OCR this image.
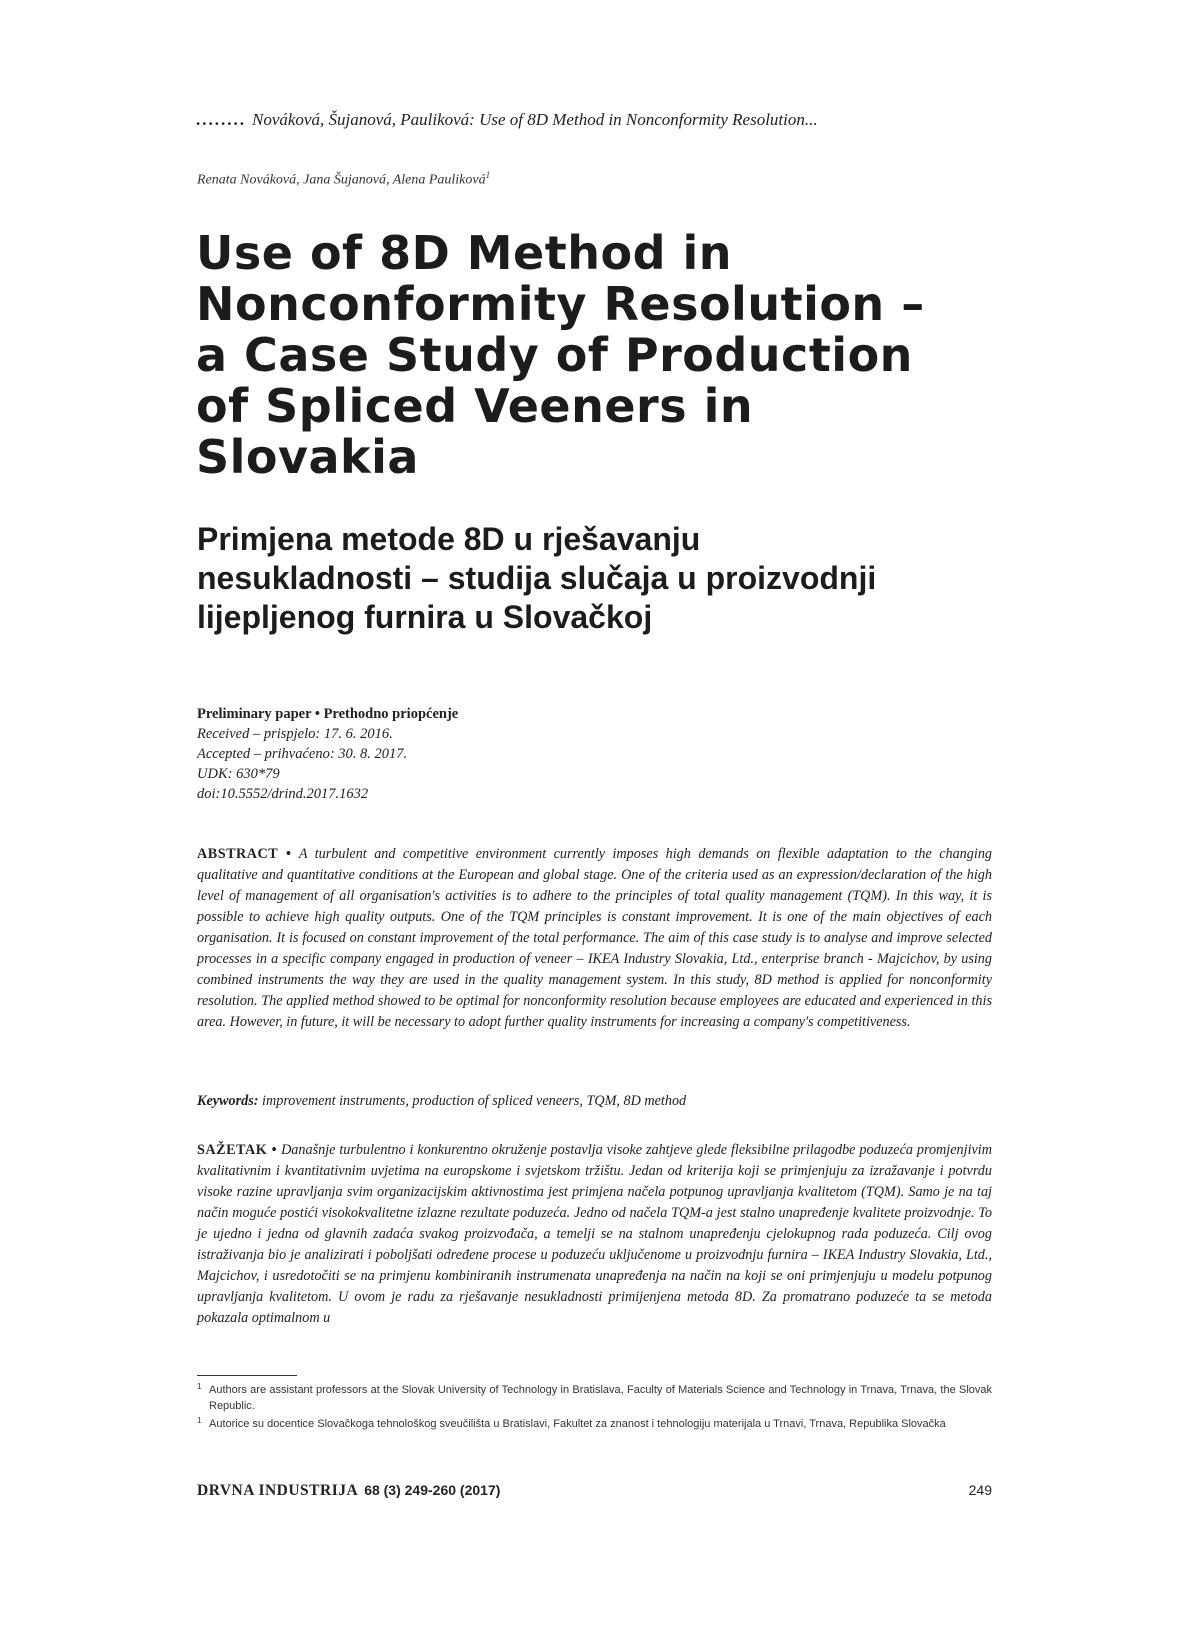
........ Nováková, Šujanová, Pauliková: Use of 8D Method in Nonconformity Resolution...
Renata Nováková, Jana Šujanová, Alena Pauliková$^1$
Use of 8D Method in
Nonconformity Resolution –
a Case Study of Production
of Spliced Veeners in
Slovakia
Primjena metode 8D u rješavanju
nesukladnosti – studija slučaja u proizvodnji
lijepljenog furnira u Slovačkoj
Preliminary paper • Prethodno priopćenje
Received – prispjelo: 17. 6. 2016.
Accepted – prihvaćeno: 30. 8. 2017.
UDK: 630*79
doi:10.5552/drind.2017.1632

ABSTRACT • A turbulent and competitive environment currently imposes high demands on flexible adaptation to the changing qualitative and quantitative conditions at the European and global stage. One of the criteria used as an expression/declaration of the high level of management of all organisation's activities is to adhere to the principles of total quality management (TQM). In this way, it is possible to achieve high quality outputs. One of the TQM principles is constant improvement. It is one of the main objectives of each organisation. It is focused on constant improvement of the total performance. The aim of this case study is to analyse and improve selected processes in a specific company engaged in production of veneer – IKEA Industry Slovakia, Ltd., enterprise branch - Majcichov, by using combined instruments the way they are used in the quality management system. In this study, 8D method is applied for nonconformity resolution. The applied method showed to be optimal for nonconformity resolution because employees are educated and experienced in this area. However, in future, it will be necessary to adopt further quality instruments for increasing a company's competitiveness.

Keywords: improvement instruments, production of spliced veneers, TQM, 8D method

SAŽETAK • Današnje turbulentno i konkurentno okruženje postavlja visoke zahtjeve glede fleksibilne prilagodbe poduzeća promjenjivim kvalitativnim i kvantitativnim uvjetima na europskome i svjetskom tržištu. Jedan od kriterija koji se primjenjuju za izražavanje i potvrdu visoke razine upravljanja svim organizacijskim aktivnostima jest primjena načela potpunog upravljanja kvalitetom (TQM). Samo je na taj način moguće postići visokokvalitetne izlazne rezultate poduzeća. Jedno od načela TQM-a jest stalno unapređenje kvalitete proizvodnje. To je ujedno i jedna od glavnih zadaća svakog proizvođača, a temelji se na stalnom unapređenju cjelokupnog rada poduzeća. Cilj ovog istraživanja bio je analizirati i poboljšati određene procese u poduzeću uključenome u proizvodnju furnira – IKEA Industry Slovakia, Ltd., Majcichov, i usredotočiti se na primjenu kombiniranih instrumenata unapređenja na način na koji se oni primjenjuju u modelu potpunog upravljanja kvalitetom. U ovom je radu za rješavanje nesukladnosti primijenjena metoda 8D. Za promatrano poduzeće ta se metoda pokazala optimalnom u

1 Authors are assistant professors at the Slovak University of Technology in Bratislava, Faculty of Materials Science and Technology in Trnava, Trnava, the Slovak Republic.

1 Autorice su docentice Slovačkoga tehnološkog sveučilišta u Bratislavi, Fakultet za znanost i tehnologiju materijala u Trnavi, Trnava, Republika Slovačka

DRVNA INDUSTRIJA 68 (3) 249-260 (2017)	249
